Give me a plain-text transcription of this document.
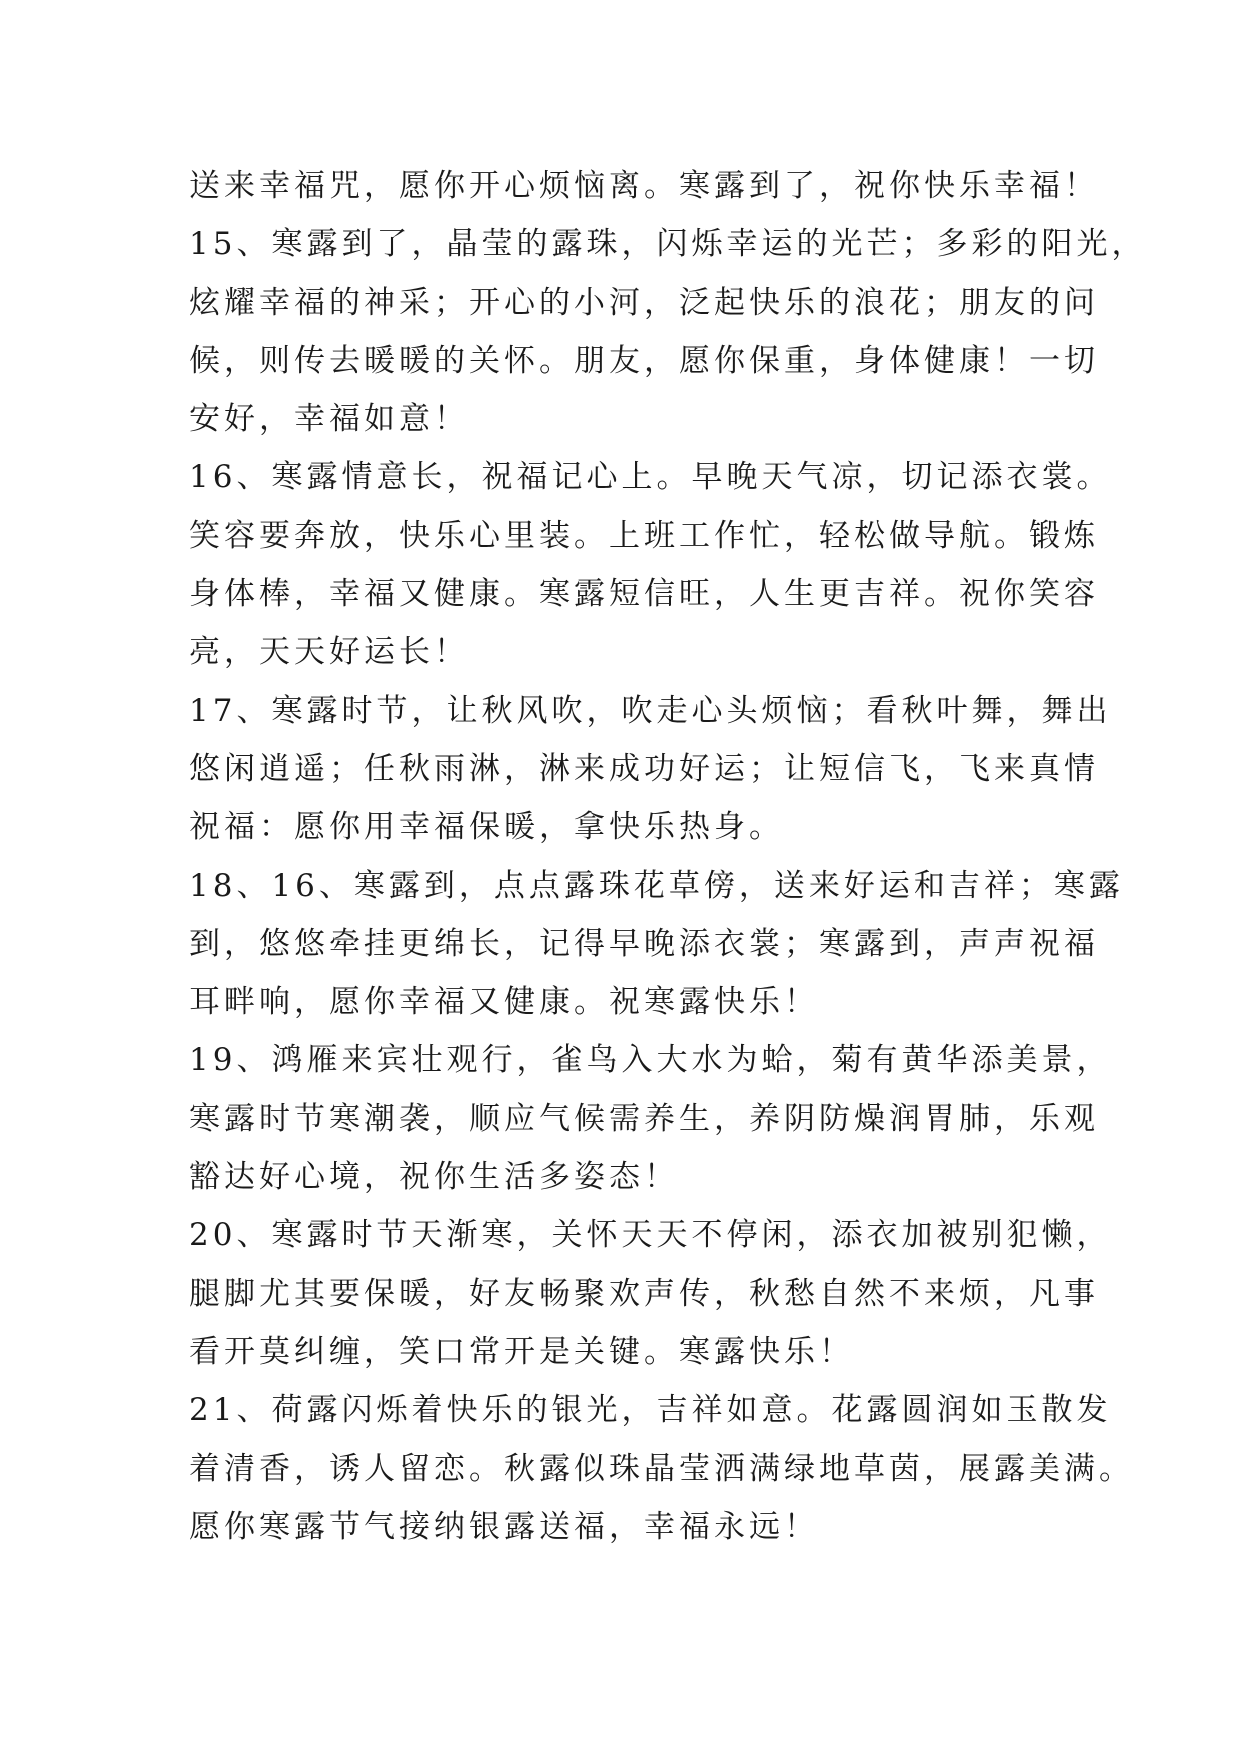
送来幸福咒，愿你开心烦恼离。寒露到了，祝你快乐幸福！
15、寒露到了，晶莹的露珠，闪烁幸运的光芒；多彩的阳光，
炫耀幸福的神采；开心的小河，泛起快乐的浪花；朋友的问
候，则传去暖暖的关怀。朋友，愿你保重，身体健康！一切
安好，幸福如意！
16、寒露情意长，祝福记心上。早晚天气凉，切记添衣裳。
笑容要奔放，快乐心里装。上班工作忙，轻松做导航。锻炼
身体棒，幸福又健康。寒露短信旺，人生更吉祥。祝你笑容
亮，天天好运长！
17、寒露时节，让秋风吹，吹走心头烦恼；看秋叶舞，舞出
悠闲逍遥；任秋雨淋，淋来成功好运；让短信飞，飞来真情
祝福：愿你用幸福保暖，拿快乐热身。
18、16、寒露到，点点露珠花草傍，送来好运和吉祥；寒露
到，悠悠牵挂更绵长，记得早晚添衣裳；寒露到，声声祝福
耳畔响，愿你幸福又健康。祝寒露快乐！
19、鸿雁来宾壮观行，雀鸟入大水为蛤，菊有黄华添美景，
寒露时节寒潮袭，顺应气候需养生，养阴防燥润胃肺，乐观
豁达好心境，祝你生活多姿态！
20、寒露时节天渐寒，关怀天天不停闲，添衣加被别犯懒，
腿脚尤其要保暖，好友畅聚欢声传，秋愁自然不来烦，凡事
看开莫纠缠，笑口常开是关键。寒露快乐！
21、荷露闪烁着快乐的银光，吉祥如意。花露圆润如玉散发
着清香，诱人留恋。秋露似珠晶莹洒满绿地草茵，展露美满。
愿你寒露节气接纳银露送福，幸福永远！
